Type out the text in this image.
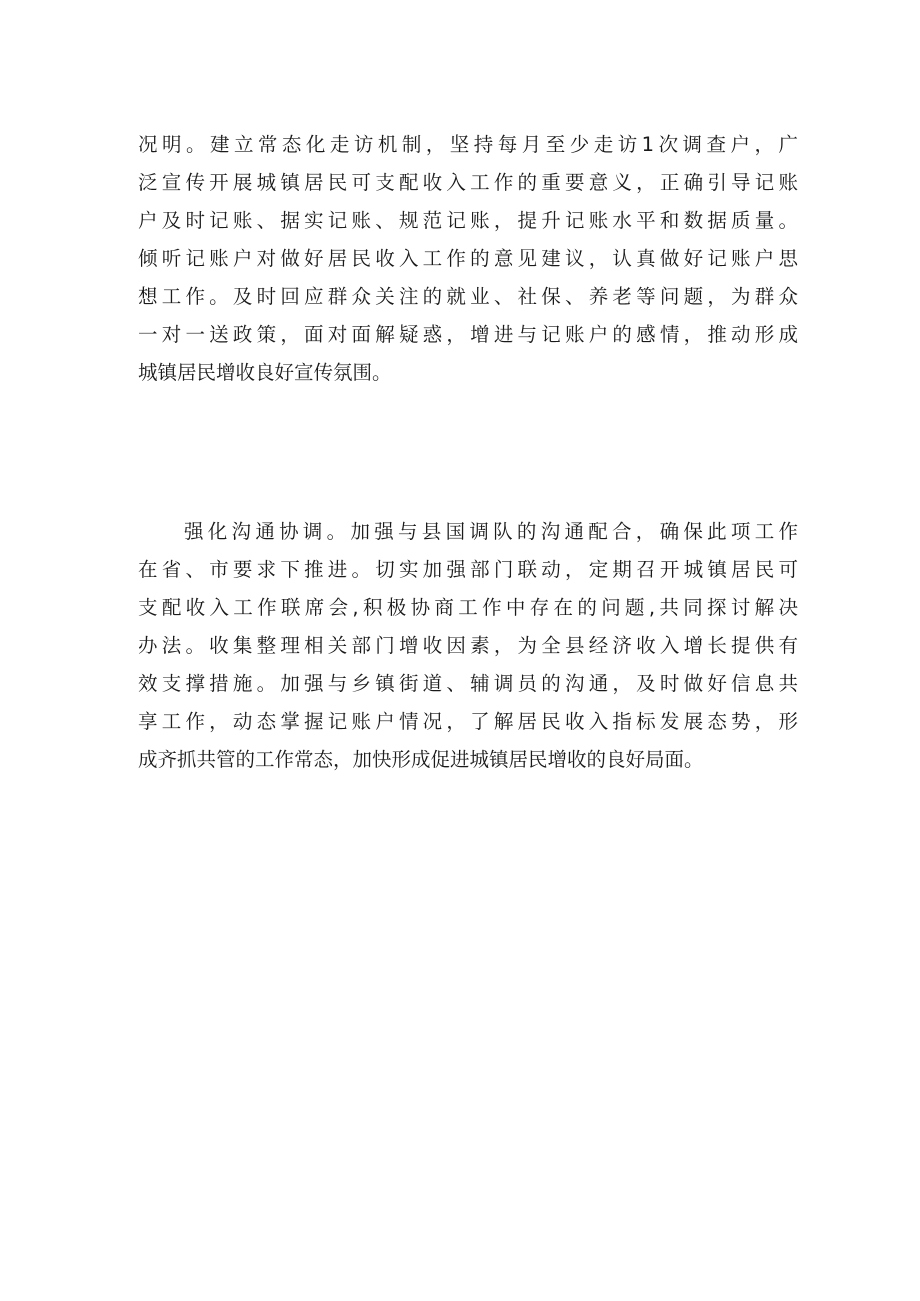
况明。建立常态化走访机制，坚持每月至少走访1次调查户，广
泛宣传开展城镇居民可支配收入工作的重要意义，正确引导记账
户及时记账、据实记账、规范记账，提升记账水平和数据质量。
倾听记账户对做好居民收入工作的意见建议，认真做好记账户思
想工作。及时回应群众关注的就业、社保、养老等问题，为群众
一对一送政策，面对面解疑惑，增进与记账户的感情，推动形成
城镇居民增收良好宣传氛围。
强化沟通协调。加强与县国调队的沟通配合，确保此项工作
在省、市要求下推进。切实加强部门联动，定期召开城镇居民可
支配收入工作联席会,积极协商工作中存在的问题,共同探讨解决
办法。收集整理相关部门增收因素，为全县经济收入增长提供有
效支撑措施。加强与乡镇街道、辅调员的沟通，及时做好信息共
享工作，动态掌握记账户情况，了解居民收入指标发展态势，形
成齐抓共管的工作常态，加快形成促进城镇居民增收的良好局面。
